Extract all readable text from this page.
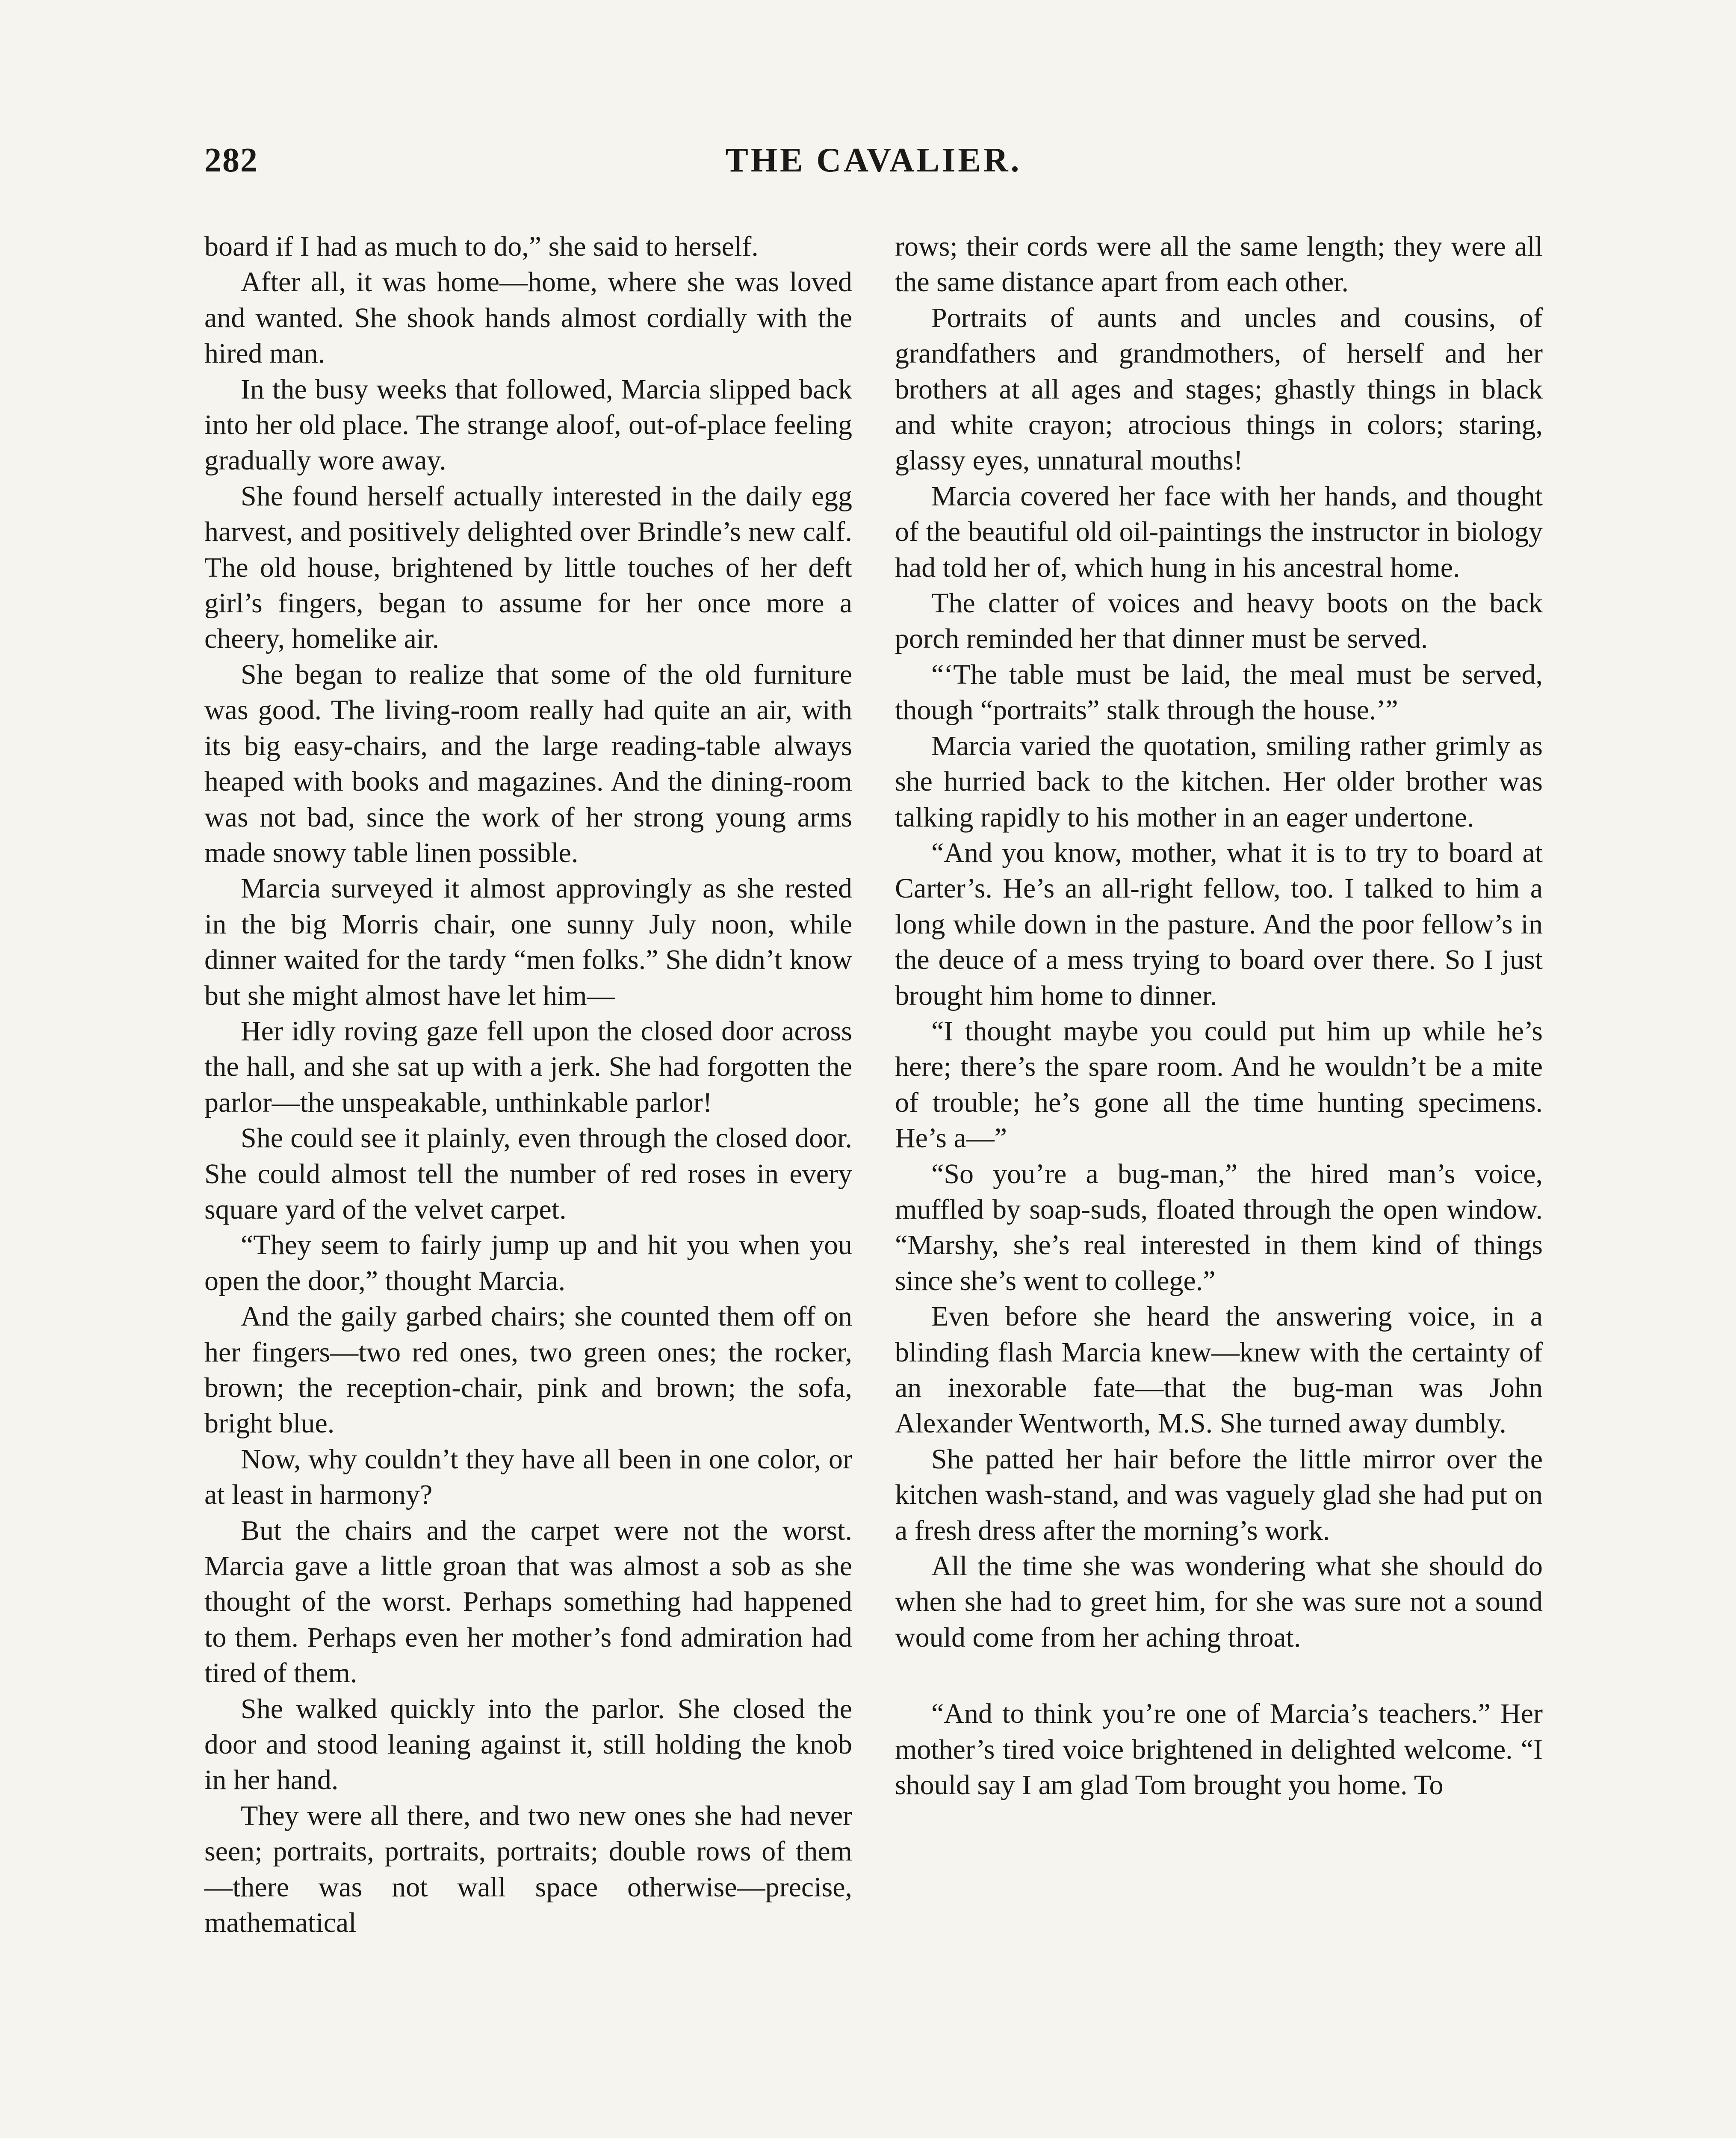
282	THE CAVALIER.

board if I had as much to do,” she said to herself.

After all, it was home—home, where she was loved and wanted. She shook hands almost cordially with the hired man.

In the busy weeks that followed, Marcia slipped back into her old place. The strange aloof, out-of-place feeling gradually wore away.

She found herself actually interested in the daily egg harvest, and positively delighted over Brindle’s new calf. The old house, brightened by little touches of her deft girl’s fingers, began to assume for her once more a cheery, homelike air.

She began to realize that some of the old furniture was good. The living-room really had quite an air, with its big easy-chairs, and the large reading-table always heaped with books and magazines. And the dining-room was not bad, since the work of her strong young arms made snowy table linen possible.

Marcia surveyed it almost approvingly as she rested in the big Morris chair, one sunny July noon, while dinner waited for the tardy “men folks.” She didn’t know but she might almost have let him—

Her idly roving gaze fell upon the closed door across the hall, and she sat up with a jerk. She had forgotten the parlor—the unspeakable, unthinkable parlor!

She could see it plainly, even through the closed door. She could almost tell the number of red roses in every square yard of the velvet carpet.

“They seem to fairly jump up and hit you when you open the door,” thought Marcia.

And the gaily garbed chairs; she counted them off on her fingers—two red ones, two green ones; the rocker, brown; the reception-chair, pink and brown; the sofa, bright blue.

Now, why couldn’t they have all been in one color, or at least in harmony?

But the chairs and the carpet were not the worst. Marcia gave a little groan that was almost a sob as she thought of the worst. Perhaps something had happened to them. Perhaps even her mother’s fond admiration had tired of them.

She walked quickly into the parlor. She closed the door and stood leaning against it, still holding the knob in her hand.

They were all there, and two new ones she had never seen; portraits, portraits, portraits; double rows of them—there was not wall space otherwise—precise, mathematical

rows; their cords were all the same length; they were all the same distance apart from each other.

Portraits of aunts and uncles and cousins, of grandfathers and grandmothers, of herself and her brothers at all ages and stages; ghastly things in black and white crayon; atrocious things in colors; staring, glassy eyes, unnatural mouths!

Marcia covered her face with her hands, and thought of the beautiful old oil-paintings the instructor in biology had told her of, which hung in his ancestral home.

The clatter of voices and heavy boots on the back porch reminded her that dinner must be served.

“‘The table must be laid, the meal must be served, though “portraits” stalk through the house.’”

Marcia varied the quotation, smiling rather grimly as she hurried back to the kitchen. Her older brother was talking rapidly to his mother in an eager undertone.

“And you know, mother, what it is to try to board at Carter’s. He’s an all-right fellow, too. I talked to him a long while down in the pasture. And the poor fellow’s in the deuce of a mess trying to board over there. So I just brought him home to dinner.

“I thought maybe you could put him up while he’s here; there’s the spare room. And he wouldn’t be a mite of trouble; he’s gone all the time hunting specimens. He’s a—”

“So you’re a bug-man,” the hired man’s voice, muffled by soap-suds, floated through the open window. “Marshy, she’s real interested in them kind of things since she’s went to college.”

Even before she heard the answering voice, in a blinding flash Marcia knew—knew with the certainty of an inexorable fate—that the bug-man was John Alexander Wentworth, M.S. She turned away dumbly.

She patted her hair before the little mirror over the kitchen wash-stand, and was vaguely glad she had put on a fresh dress after the morning’s work.

All the time she was wondering what she should do when she had to greet him, for she was sure not a sound would come from her aching throat.

“And to think you’re one of Marcia’s teachers.” Her mother’s tired voice brightened in delighted welcome. “I should say I am glad Tom brought you home. To
